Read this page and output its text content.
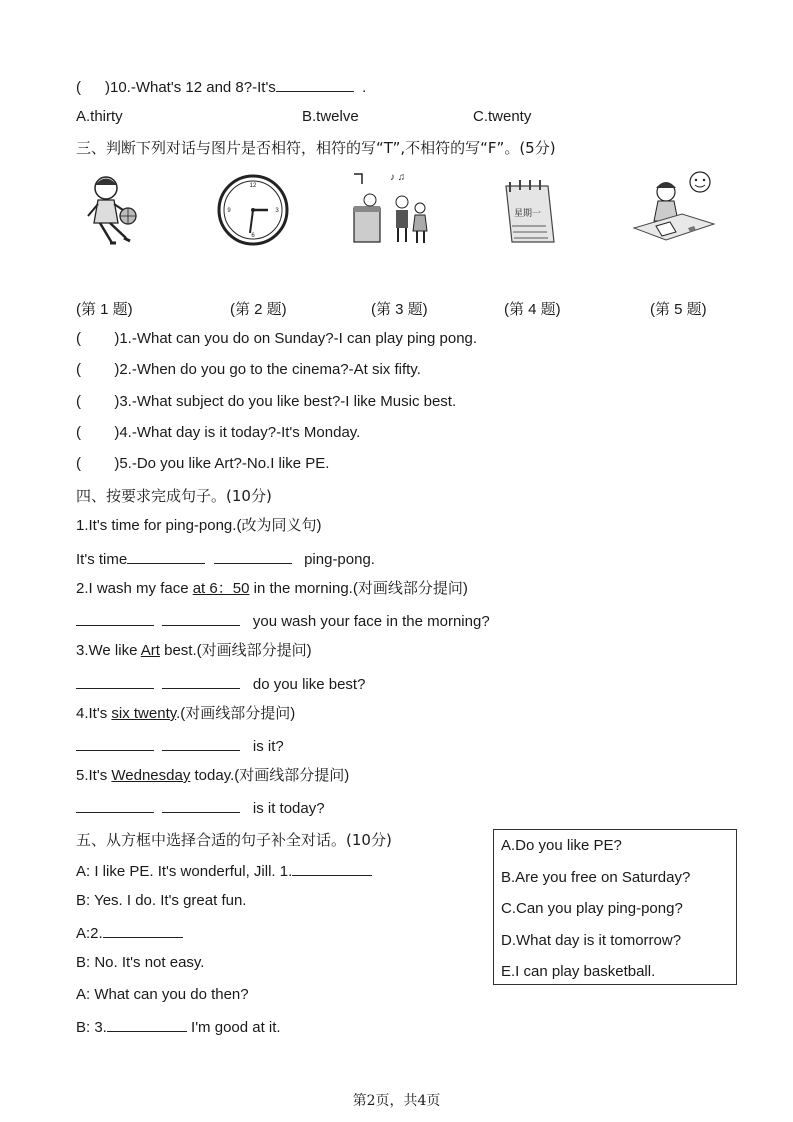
( )10.-What's 12 and 8?-It's	.
A.thirty	B.twelve	C.twenty
三、判断下列对话与图片是否相符，相符的写“T”,不相符的写“F”。(5分)
12
3
6
9
♪ ♫
星期一
(第 1 题)	(第 2 题)	(第 3 题)	(第 4 题)	(第 5 题)
(        )1.-What can you do on Sunday?-I can play ping pong.
(        )2.-When do you go to the cinema?-At six fifty.
(        )3.-What subject do you like best?-I like Music best.
(        )4.-What day is it today?-It's Monday.
(        )5.-Do you like Art?-No.I like PE.
四、按要求完成句子。(10分)
1.It's time for ping-pong.(改为同义句)
It's time	ping-pong.
2.I wash my face at 6：50 in the morning.(对画线部分提问)
you wash your face in the morning?
3.We like Art best.(对画线部分提问)
do you like best?
4.It's six twenty.(对画线部分提问)
is it?
5.It's Wednesday today.(对画线部分提问)
is it today?
五、从方框中选择合适的句子补全对话。(10分)
A: I like PE. It's wonderful, Jill. 1.
B: Yes. I do. It's great fun.
A:2.
B: No. It's not easy.
A: What can you do then?
B: 3.	I'm good at it.
A.Do you like PE?
B.Are you free on Saturday?
C.Can you play ping-pong?
D.What day is it tomorrow?
E.I can play basketball.
第2页，共4页
